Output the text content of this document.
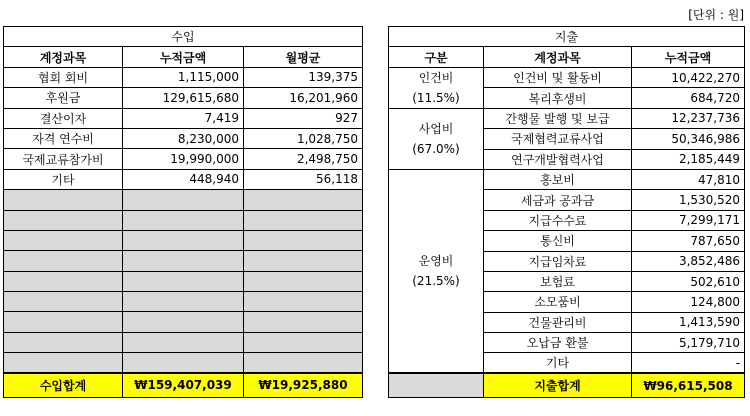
[단위 : 원]
수입		
계정과목	누적금액	월평균
협회 회비	1,115,000	139,375
후원금	129,615,680	16,201,960
결산이자	7,419	927
자격 연수비	8,230,000	1,028,750
국제교류참가비	19,990,000	2,498,750
기타	448,940	56,118

수입합계	₩159,407,039	₩19,925,880
지출		
구분	계정과목	누적금액

인건비
(11.5%)	인건비 및 활동비	10,422,270
	복리후생비	684,720

사업비
(67.0%)	간행물 발행 및 보급	12,237,736
	국제협력교류사업	50,346,986
	연구개발협력사업	2,185,449

운영비
(21.5%)	홍보비	47,810
	세금과 공과금	1,530,520
	지급수수료	7,299,171
	통신비	787,650
	지급임차료	3,852,486
	보험료	502,610
	소모품비	124,800
	건물관리비	1,413,590
	오납금 환불	5,179,710
	기타	-
	지출합계	₩96,615,508
